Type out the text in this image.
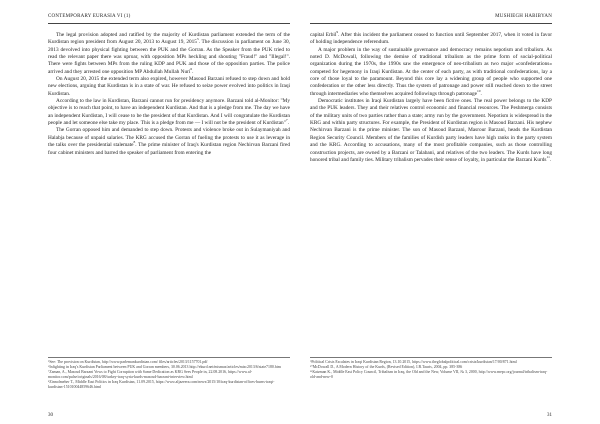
CONTEMPORARY EURASIA VI (1)

The legal provision adopted and ratified by the majority of Kurdistan parliament extended the term of the Kurdistan region president from August 20, 2013 to August 19, 2015$^5$. The discussion in parliament on June 30, 2013 devolved into physical fighting between the PUK and the Gorran. As the Speaker from the PUK tried to read the relevant paper there was uproar, with opposition MPs heckling and shouting "Fraud!" and "Illegal!". There were fights between MPs from the ruling KDP and PUK and those of the opposition parties. The police arrived and they arrested one opposition MP Abdullah Mullah Nuri$^6$.

On August 20, 2015 the extended term also expired, however Masoud Barzani refused to step down and hold new elections, arguing that Kurdistan is in a state of war. He refused to seize power evolved into politics in Iraqi Kurdistan.

According to the law in Kurdistan, Barzani cannot run for presidency anymore. Barzani told al-Monitor: "My objective is to reach that point, to have an independent Kurdistan. And that is a pledge from me. The day we have an independent Kurdistan, I will cease to be the president of that Kurdistan. And I will congratulate the Kurdistan people and let someone else take my place. This is a pledge from me — I will not be the president of Kurdistan"$^7$.

The Gorran opposed him and demanded to step down. Protests and violence broke out in Sulaymaniyah and Halabja because of unpaid salaries. The KRG accused the Gorran of fueling the protests to use it as leverage in the talks over the presidential stalemate$^8$. The prime minister of Iraq's Kurdistan region Nechirvan Barzani fired four cabinet ministers and barred the speaker of parliament from entering the

⁵See: The provision on Kurdistan, http://www.parlemankurdistan.com/ files/articles/2013/1157701.pdf
⁶Infighting in Iraq's Kurdistan Parliament between PUK and Gorran members, 30.06.2013 http://ekurd.net/mismas/articles/misc2013/6/state7180.htm
⁷Zaman, A., Masoud Barzani Vows to Fight Corruption with Same Dedication as KRG Sees People in, 22.08.2016, https://www.al-monitor.com/pulse/originals/2016/08/turkey-iraq-syria-kurds-masoud-barzani-interview.html
⁸Zinnolmeher T., Middle East Politics in Iraq Kurdistan, 11.09.2015, https://www.aljazeera.com/news/2015/10/iraq-kurdistan-offices-burns-iraqi-kurdistan-151010044859646.html
30
MUSHIEGH HABIBYAN

capital Erbil$^9$. After this incident the parliament ceased to function until September 2017, when it voted in favor of holding independence referendum.

A major problem in the way of sustainable governance and democracy remains nepotism and tribalism. As noted D. McDowall, following the demise of traditional tribalism as the prime form of social-political organization during the 1970s, the 1990s saw the emergence of neo-tribalism as two major «confederations» competed for hegemony in Iraqi Kurdistan. At the center of each party, as with traditional confederations, lay a core of those loyal to the paramount. Beyond this core lay a widening group of people who supported one confederation or the other less directly. Thus the system of patronage and power still reached down to the street through intermediaries who themselves acquired followings through patronage$^{10}$.

Democratic institutes in Iraqi Kurdistan largely have been fictive ones. The real power belongs to the KDP and the PUK leaders. They and their relatives control economic and financial resources. The Peshmerga consists of the military units of two parties rather than a state; army run by the government. Nepotism is widespread in the KRG and within party structures. For example, the President of Kurdistan region is Masoud Barzani. His nephew Nechirvan Barzani is the prime minister. The son of Masoud Barzani, Masrour Barzani, heads the Kurdistan Region Security Council. Members of the families of Kurdish party leaders have high ranks in the party system and the KRG. According to accusations, many of the most profitable companies, such as those controlling construction projects, are owned by a Barzani or Talabani, and relatives of the two leaders. The Kurds have long honored tribal and family ties. Military tribalism pervades their sense of loyalty, in particular the Barzani Kurds$^{11}$.

⁹Political Crisis Escalates in Iraqi Kurdistan Region, 13.10.2015, https://www.theglobalpolitical.com/crisis/kurdistan/17/00/871.html
¹⁰McDowall D., A Modern History of the Kurds, (Revised Edition), I.B.Tauris, 2004, pp. 385-386
¹¹Katzman K., Middle East Policy Council, Tribalism in Iraq, the Old and the New, Volume VII, № 3, 2000, http://www.mepc.org/journal/tribalism-iraq-old-and-new-0
31
